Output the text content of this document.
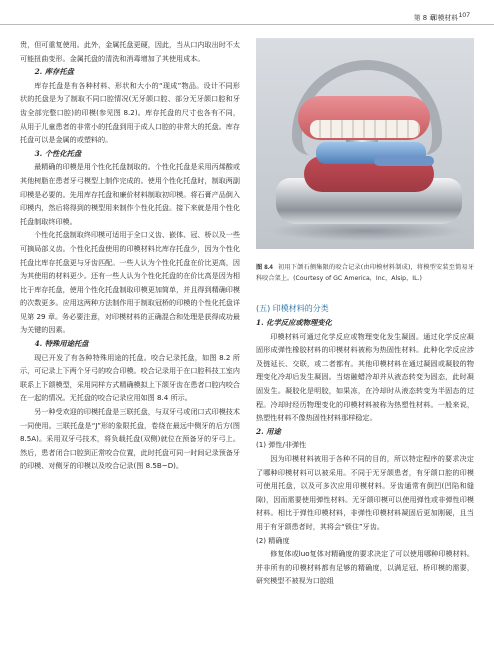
第 8 章
印模材料 107

贵，但可重复使用。此外，金属托盘更硬，因此，当从口内取出时不太可能扭曲变形。金属托盘的清洗和消毒增加了其使用成本。

2. 库存托盘

库存托盘是有各种材料、形状和大小的“现成”物品。设计不同形状的托盘是为了制取不同口腔情况(无牙颌口腔、部分无牙颌口腔和牙齿全部完整口腔)的印模(参见图 8.2)。库存托盘的尺寸也各有不同，从用于儿童患者的非常小的托盘到用于成人口腔的非常大的托盘。库存托盘可以是金属的或塑料的。

3. 个性化托盘

最精确的印模是用个性化托盘制取的。个性化托盘是采用丙烯酸或其他树脂在患者牙弓模型上制作完成的。使用个性化托盘时，制取两副印模是必要的。先用库存托盘和廉价材料制取初印模。将石膏产品倒入印模内，然后将得到的模型用来制作个性化托盘。接下来就是用个性化托盘制取终印模。

个性化托盘制取终印模可适用于全口义齿、嵌体、冠、桥以及一些可摘局部义齿。个性化托盘使用的印模材料比库存托盘少，因为个性化托盘比库存托盘更与牙齿匹配。一些人认为个性化托盘在价比更高，因为其使用的材料更少。还有一些人认为个性化托盘的在价比高是因为相比于库存托盘，使用个性化托盘制取印模更加简单，并且得到精确印模的次数更多。应用这两种方法制作用于制取冠桥的印模的个性化托盘详见第 29 章。务必要注意，对印模材料的正确混合和处理是获得成功最为关键的因素。

4. 特殊用途托盘

现已开发了有各种特殊用途的托盘。咬合记录托盘，如图 8.2 所示，可记录上下两个牙弓的咬合印模。咬合记录用于在口腔科技工室内联系上下颌模型，采用同样方式精确模拟上下颌牙齿在患者口腔内咬合在一起的情况。无托盘的咬合记录应用如图 8.4 所示。

另一种受欢迎的印模托盘是三联托盘，与双牙弓或闭口式印模技术一同使用。三联托盘是“J”形的象限托盘，卷绕在最远中侧牙的后方(图 8.5A)。采用双牙弓技术，将负载托盘(双侧)就位在预备牙的牙弓上。然后，患者闭合口腔到正常咬合位置，此时托盘可同一时间记录预备牙的印模、对侧牙的印模以及咬合记录(图 8.5B~D)。

图 8.4 初用下颌石侧集限的咬合记录(由印模材料制成)，将模型安装至简易牙科咬合架上。(Courtesy of GC America，Inc，Alsip，IL.)

(五) 印模材料的分类

1. 化学反应或物理变化

印模材料可通过化学反应或物理变化发生凝固。通过化学反应凝固形成弹性橡胶材料的印模材料被称为热固性材料。此种化学反应涉及链延长、交联，或二者都有。其他印模材料在通过凝固或凝胶的物理变化冷却后发生凝固。当熔融蜡冷却并从液态转变为固态，此时凝固发生。凝胶化是明胶，如果冻，在冷却时从液态转变为半固态的过程。冷却时经历物理变化的印模材料被称为热塑性材料。一般来说，热塑性材料不像热固性材料那样稳定。

2. 用途

(1) 弹性/非弹性

因为印模材料被用于各种不同的目的，所以特定程序的要求决定了哪种印模材料可以被采用。不同于无牙颌患者，有牙颌口腔的印模可使用托盘，以及可多次应用印模材料。牙齿通常有倒凹(凹陷和缝隙)，因而需要使用弹性材料。无牙颌印模可以使用弹性或非弹性印模材料。相比于弹性印模材料，非弹性印模材料凝固后更加刚硬，且当用于有牙颌患者时，其将会“锁住”牙齿。

(2) 精确度

修复体或luo复体对精确度的要求决定了可以使用哪种印模材料。并非所有的印模材料都有足够的精确度，以满足冠、桥印模的需要，研究模型不被视为口腔组
